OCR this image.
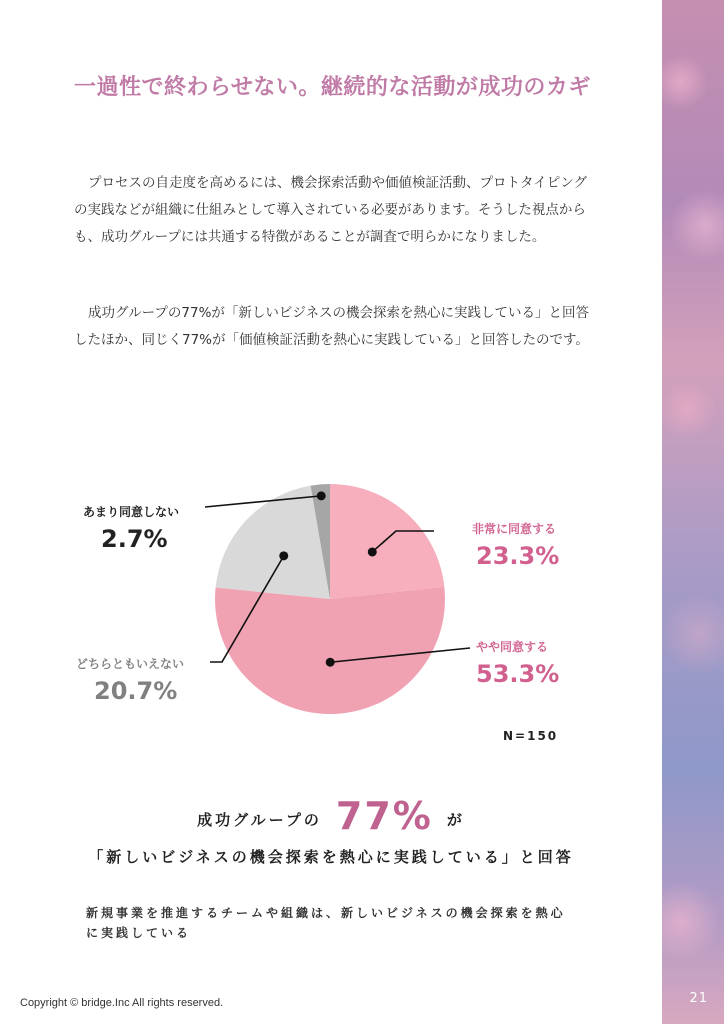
21
一過性で終わらせない。継続的な活動が成功のカギ

プロセスの自走度を高めるには、機会探索活動や価値検証活動、プロトタイピングの実践などが組織に仕組みとして導入されている必要があります。そうした視点からも、成功グループには共通する特徴があることが調査で明らかになりました。

成功グループの77%が「新しいビジネスの機会探索を熱心に実践している」と回答したほか、同じく77%が「価値検証活動を熱心に実践している」と回答したのです。

非常に同意する
23.3%
やや同意する
53.3%
どちらともいえない
20.7%
あまり同意しない
2.7%
N=150
成功グループの 77% が
「新しいビジネスの機会探索を熱心に実践している」と回答

新規事業を推進するチームや組織は、新しいビジネスの機会探索を熱心に実践している

Copyright © bridge.Inc All rights reserved.
